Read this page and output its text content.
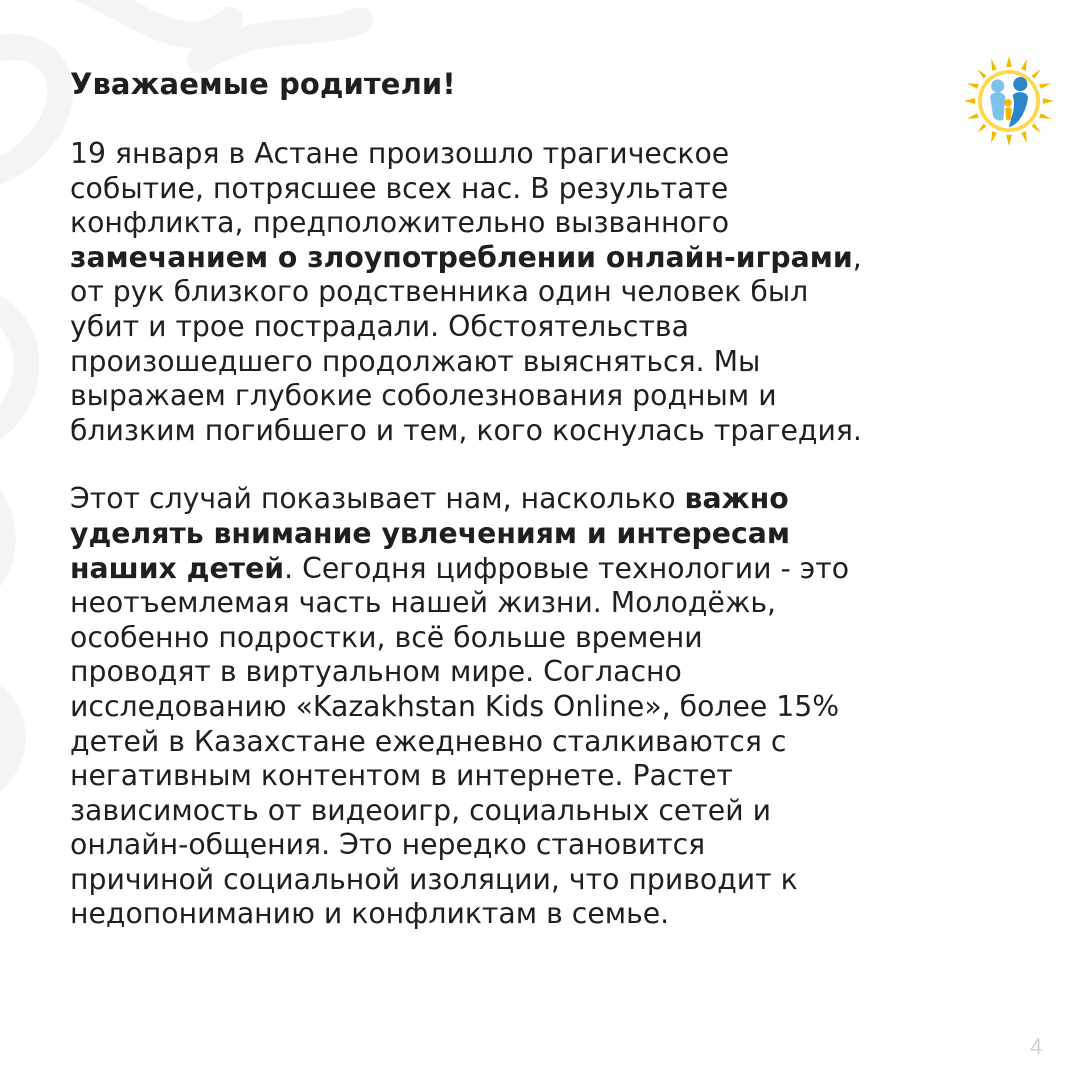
Уважаемые родители!

19 января в Астане произошло трагическое
событие, потрясшее всех нас. В результате
конфликта, предположительно вызванного
замечанием о злоупотреблении онлайн-играми,
от рук близкого родственника один человек был
убит и трое пострадали. Обстоятельства
произошедшего продолжают выясняться. Мы
выражаем глубокие соболезнования родным и
близким погибшего и тем, кого коснулась трагедия.

Этот случай показывает нам, насколько важно
уделять внимание увлечениям и интересам
наших детей. Сегодня цифровые технологии - это
неотъемлемая часть нашей жизни. Молодёжь,
особенно подростки, всё больше времени
проводят в виртуальном мире. Согласно
исследованию «Kazakhstan Kids Online», более 15%
детей в Казахстане ежедневно сталкиваются с
негативным контентом в интернете. Растет
зависимость от видеоигр, социальных сетей и
онлайн-общения. Это нередко становится
причиной социальной изоляции, что приводит к
недопониманию и конфликтам в семье.

4
